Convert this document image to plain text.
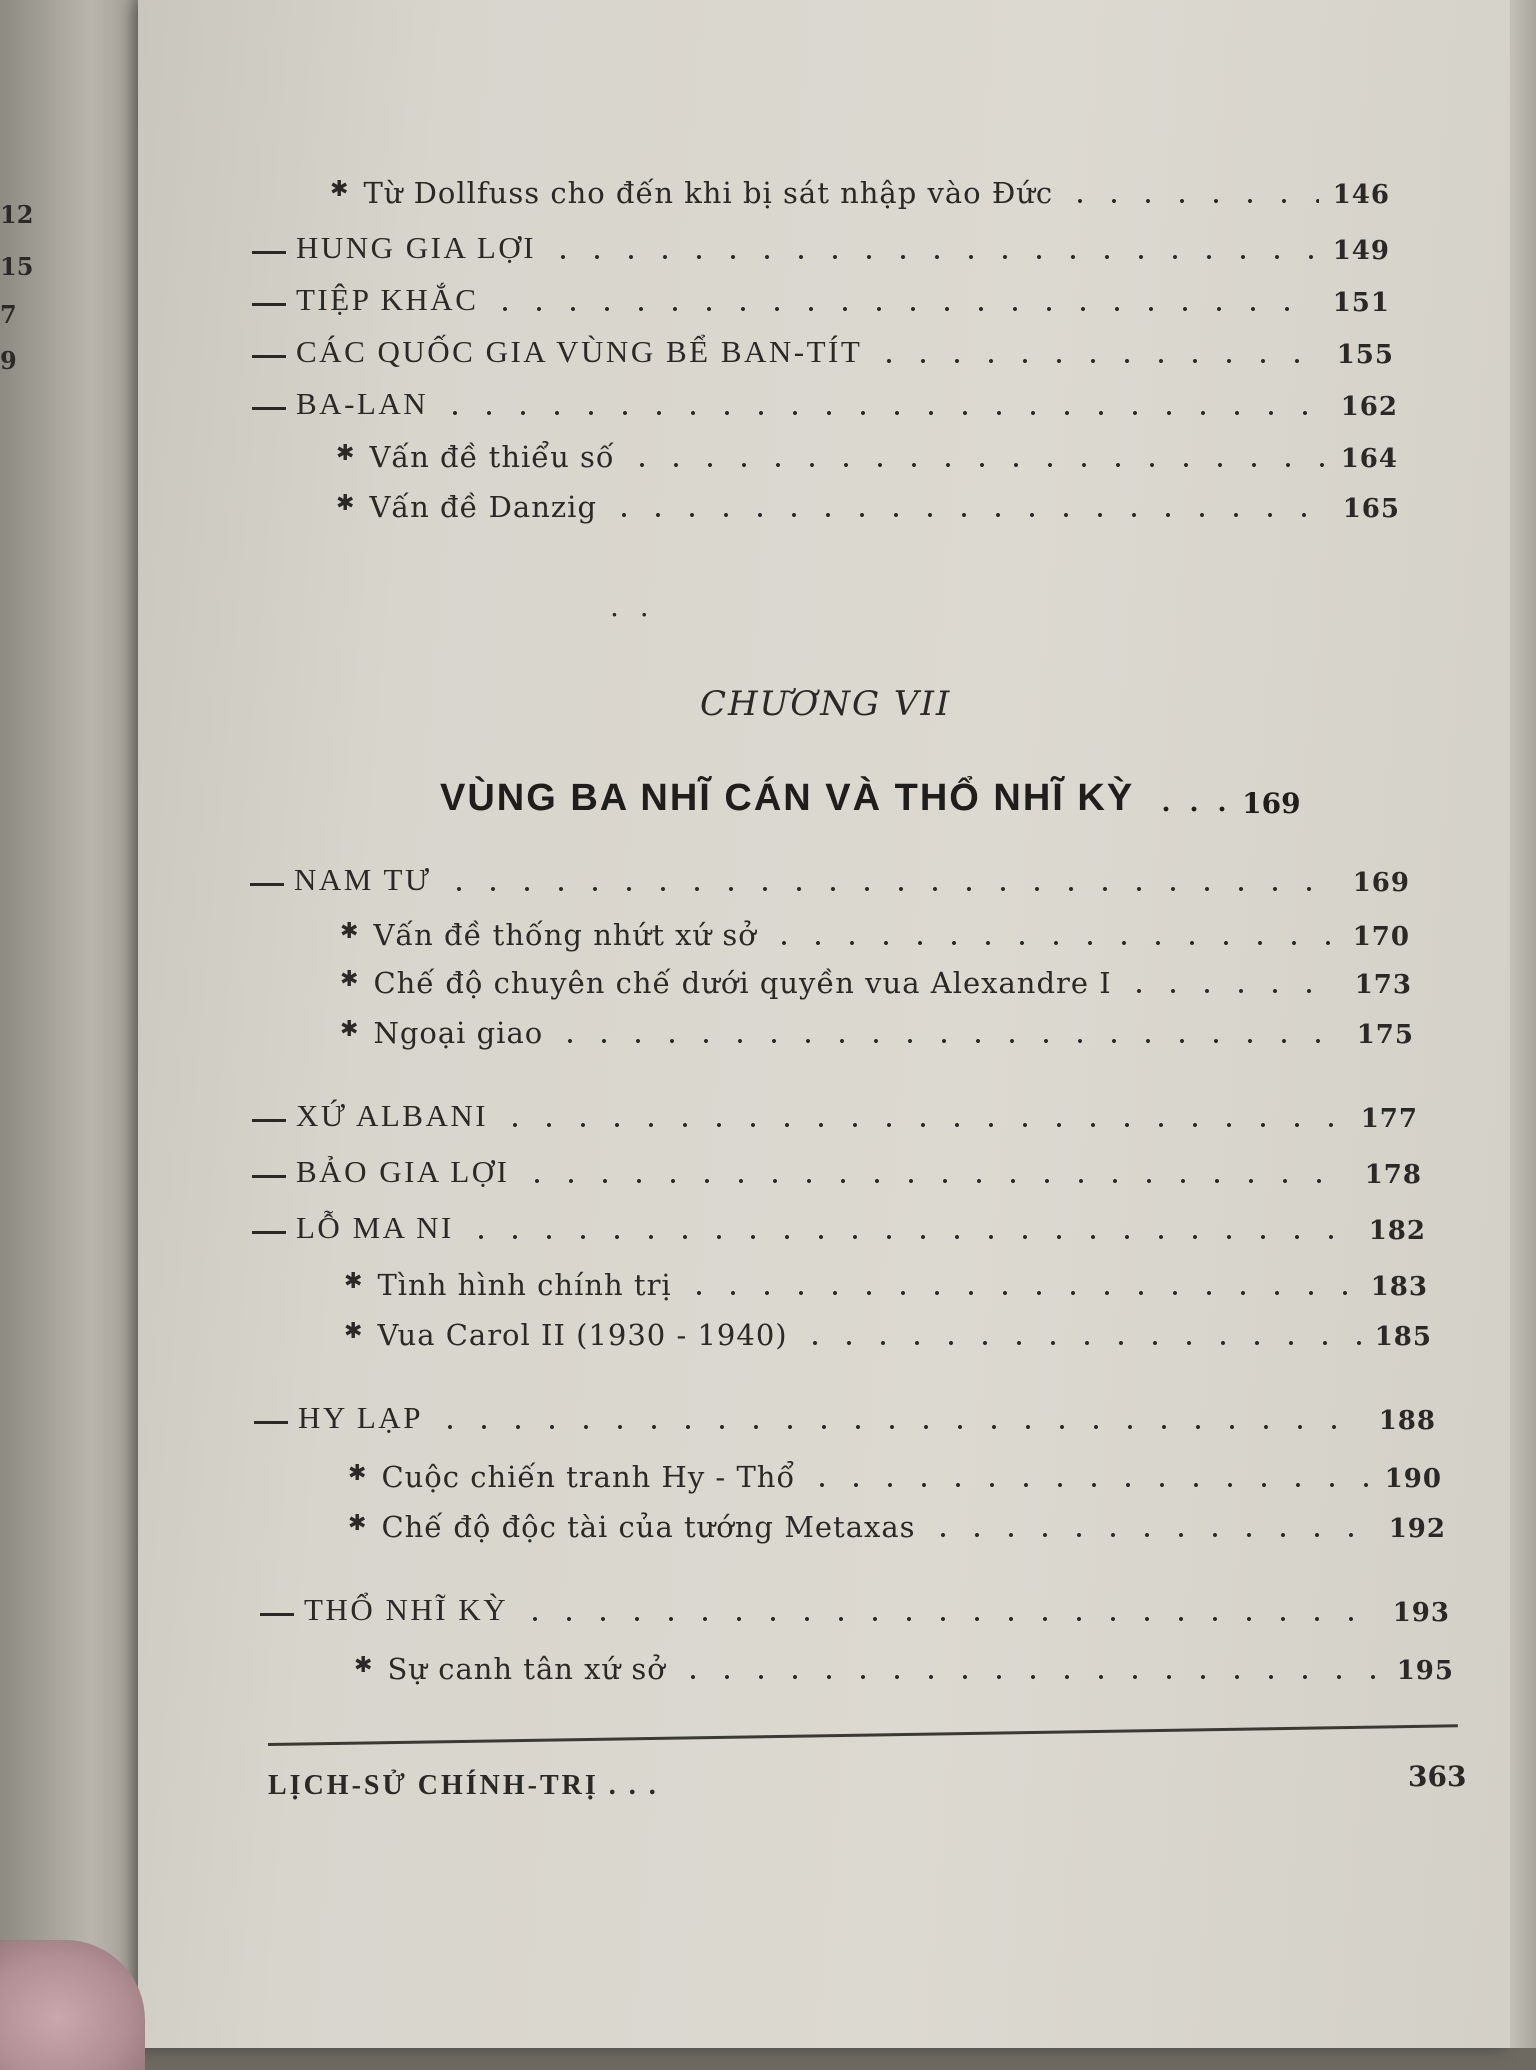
12
15
7
9
✱ Từ Dollfuss cho đến khi bị sát nhập vào Đức	146
HUNG GIA LỢI	149
TIỆP KHẮC	151
CÁC QUỐC GIA VÙNG BỂ BAN-TÍT	155
BA-LAN	162
✱ Vấn đề thiểu số	164
✱ Vấn đề Danzig	165
. .
CHƯƠNG VII
VÙNG BA NHĨ CÁN VÀ THỔ NHĨ KỲ	169
NAM TƯ	169
✱ Vấn đề thống nhứt xứ sở	170
✱ Chế độ chuyên chế dưới quyền vua Alexandre I	173
✱ Ngoại giao	175
XỨ ALBANI	177
BẢO GIA LỢI	178
LỖ MA NI	182
✱ Tình hình chính trị	183
✱ Vua Carol II (1930 - 1940)	185
HY LẠP	188
✱ Cuộc chiến tranh Hy - Thổ	190
✱ Chế độ độc tài của tướng Metaxas	192
THỔ NHĨ KỲ	193
✱ Sự canh tân xứ sở	195
LỊCH-SỬ CHÍNH-TRỊ . . .	363
